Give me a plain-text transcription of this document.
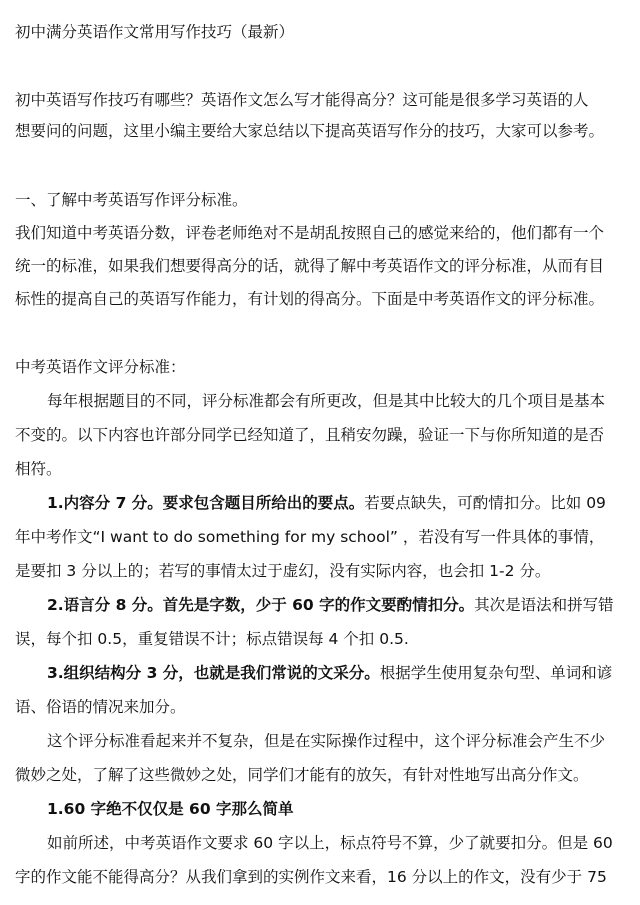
初中满分英语作文常用写作技巧（最新）
初中英语写作技巧有哪些？英语作文怎么写才能得高分？这可能是很多学习英语的人
想要问的问题，这里小编主要给大家总结以下提高英语写作分的技巧，大家可以参考。
一、了解中考英语写作评分标准。
我们知道中考英语分数，评卷老师绝对不是胡乱按照自己的感觉来给的，他们都有一个
统一的标准，如果我们想要得高分的话，就得了解中考英语作文的评分标准，从而有目
标性的提高自己的英语写作能力，有计划的得高分。下面是中考英语作文的评分标准。
中考英语作文评分标准：
每年根据题目的不同，评分标准都会有所更改，但是其中比较大的几个项目是基本
不变的。以下内容也许部分同学已经知道了，且稍安勿躁，验证一下与你所知道的是否
相符。
1.内容分 7 分。要求包含题目所给出的要点。若要点缺失，可酌情扣分。比如 09
年中考作文“I want to do something for my school” ，若没有写一件具体的事情，
是要扣 3 分以上的；若写的事情太过于虚幻，没有实际内容，也会扣 1-2 分。
2.语言分 8 分。首先是字数，少于 60 字的作文要酌情扣分。其次是语法和拼写错
误，每个扣 0.5，重复错误不计；标点错误每 4 个扣 0.5.
3.组织结构分 3 分，也就是我们常说的文采分。根据学生使用复杂句型、单词和谚
语、俗语的情况来加分。
这个评分标准看起来并不复杂，但是在实际操作过程中，这个评分标准会产生不少
微妙之处，了解了这些微妙之处，同学们才能有的放矢，有针对性地写出高分作文。
1.60 字绝不仅仅是 60 字那么简单
如前所述，中考英语作文要求 60 字以上，标点符号不算，少了就要扣分。但是 60
字的作文能不能得高分？从我们拿到的实例作文来看，16 分以上的作文，没有少于 75
